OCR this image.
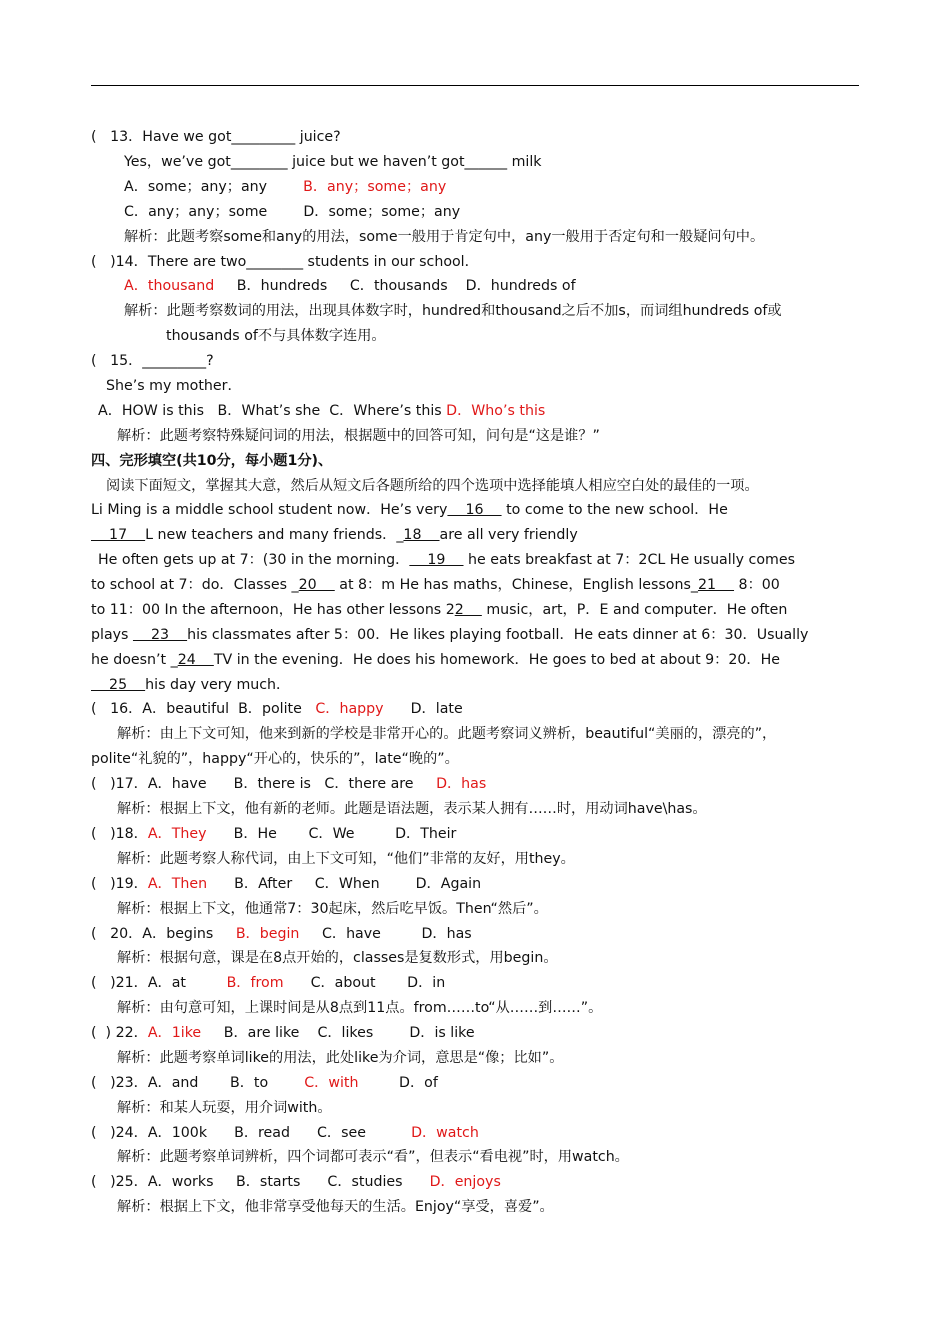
(   13．Have we got_________ juice?
Yes，we’ve got________ juice but we haven’t got______ milk
A．some；any；any        B．any；some；any
C．any；any；some        D．some；some；any
解析：此题考察some和any的用法，some一般用于肯定句中，any一般用于否定句和一般疑问句中。
(   )14．There are two________ students in our school．
A．thousand     B．hundreds     C．thousands    D．hundreds of
解析：此题考察数词的用法，出现具体数字时，hundred和thousand之后不加s，而词组hundreds of或
thousands of不与具体数字连用。
(   15．_________?
She’s my mother．
A．HOW is this   B．What’s she  C．Where’s this D．Who’s this
解析：此题考察特殊疑问词的用法，根据题中的回答可知，问句是“这是谁？”
四、完形填空(共10分，每小题1分)、
阅读下面短文，掌握其大意，然后从短文后各题所给的四个选项中选择能填人相应空白处的最佳的一项。
Li Ming is a middle school student now．He’s very    16     to come to the new school．He
17    L new teachers and many friends．_18    are all very friendly
He often gets up at 7：(30 in the morning．    19     he eats breakfast at 7：2CL He usually comes
to school at 7：do．Classes _20     at 8：m He has maths，Chinese，English lessons_21     8：00
to 11：00 In the afternoon，He has other lessons 22     music，art，P．E and computer．He often
plays     23    his classmates after 5：00．He likes playing football．He eats dinner at 6：30．Usually
he doesn’t _24    TV in the evening．He does his homework．He goes to bed at about 9：20．He
25    his day very much．
(   16．A．beautiful  B．polite   C．happy      D．late
解析：由上下文可知，他来到新的学校是非常开心的。此题考察词义辨析，beautiful“美丽的，漂亮的”，
polite“礼貌的”，happy“开心的，快乐的”，late“晚的”。
(   )17．A．have      B．there is   C．there are     D．has
解析：根据上下文，他有新的老师。此题是语法题，表示某人拥有……时，用动词have\has。
(   )18．A．They      B．He       C．We         D．Their
解析：此题考察人称代词，由上下文可知，“他们”非常的友好，用they。
(   )19．A．Then      B．After     C．When        D．Again
解析：根据上下文，他通常7：30起床，然后吃早饭。Then“然后”。
(   20．A．begins     B．begin     C．have         D．has
解析：根据句意，课是在8点开始的，classes是复数形式，用begin。
(   )21．A．at         B．from      C．about       D．in
解析：由句意可知，上课时间是从8点到11点。from……to“从……到……”。
(  ) 22．A．1ike     B．are like    C．likes        D．is like
解析：此题考察单词like的用法，此处like为介词，意思是“像；比如”。
(   )23．A．and       B．to        C．with         D．of
解析：和某人玩耍，用介词with。
(   )24．A．100k      B．read      C．see          D．watch
解析：此题考察单词辨析，四个词都可表示“看”，但表示“看电视”时，用watch。
(   )25．A．works     B．starts      C．studies      D．enjoys
解析：根据上下文，他非常享受他每天的生活。Enjoy“享受，喜爱”。
